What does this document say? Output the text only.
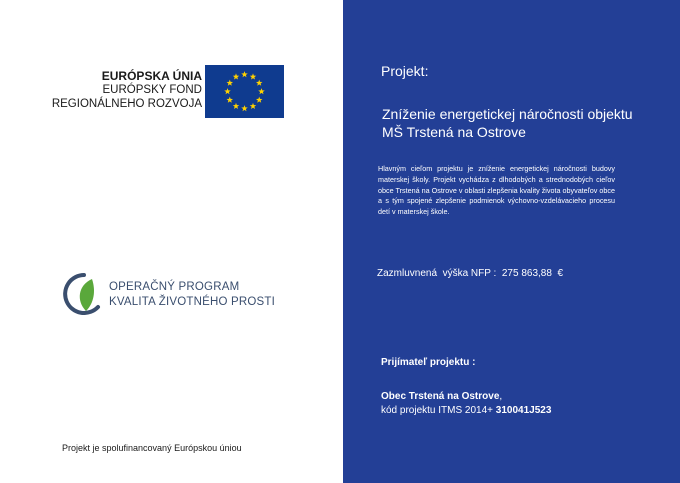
EURÓPSKA ÚNIA
EURÓPSKY FOND
REGIONÁLNEHO ROZVOJA
OPERAČNÝ PROGRAM
KVALITA ŽIVOTNÉHO PROSTI
Projekt je spolufinancovaný Európskou úniou
Projekt:
Zníženie energetickej náročnosti objektu MŠ Trstená na Ostrove
Hlavným cieľom projektu je zníženie energetickej náročnosti budovy materskej školy. Projekt vychádza z dlhodobých a strednodobých cieľov obce Trstená na Ostrove v oblasti zlepšenia kvality života obyvateľov obce a s tým spojené zlepšenie podmienok výchovno-vzdelávacieho procesu detí v materskej škole.
Zazmluvnená  výška NFP : 275 863,88  €
Prijímateľ projektu :
Obec Trstená na Ostrove,
kód projektu ITMS 2014+ 310041J523
